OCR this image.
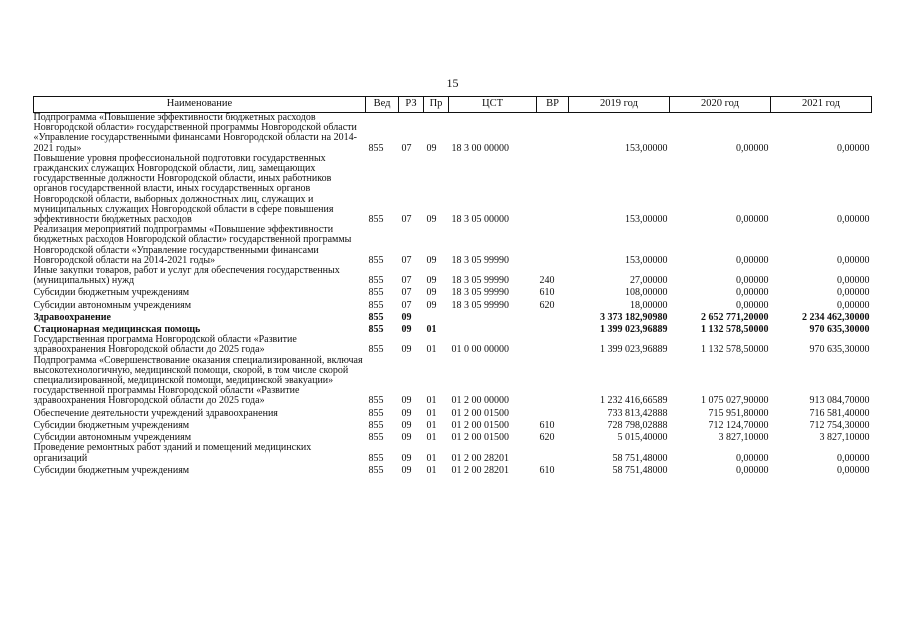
15
Наименование	Вед	РЗ	Пр	ЦСТ	ВР	2019 год	2020 год	2021 год
Подпрограмма «Повышение эффективности бюджетных расходов Новгородской области» государственной программы Новгородской области «Управление государственными финансами Новгородской области на 2014-2021 годы»	855	07	09	18 3 00 00000		153,00000	0,00000	0,00000
Повышение уровня профессиональной подготовки государственных гражданских служащих Новгородской области, лиц, замещающих государственные должности Новгородской области, иных работников органов государственной власти, иных государственных органов Новгородской области, выборных должностных лиц, служащих и муниципальных служащих Новгородской области в сфере повышения эффективности бюджетных расходов	855	07	09	18 3 05 00000		153,00000	0,00000	0,00000
Реализация мероприятий подпрограммы «Повышение эффективности бюджетных расходов Новгородской области» государственной программы Новгородской области «Управление государственными финансами Новгородской области на 2014-2021 годы»	855	07	09	18 3 05 99990		153,00000	0,00000	0,00000
Иные закупки товаров, работ и услуг для обеспечения государственных (муниципальных) нужд	855	07	09	18 3 05 99990	240	27,00000	0,00000	0,00000
Субсидии бюджетным учреждениям	855	07	09	18 3 05 99990	610	108,00000	0,00000	0,00000
Субсидии автономным учреждениям	855	07	09	18 3 05 99990	620	18,00000	0,00000	0,00000
Здравоохранение	855	09				3 373 182,90980	2 652 771,20000	2 234 462,30000
Стационарная медицинская помощь	855	09	01			1 399 023,96889	1 132 578,50000	970 635,30000
Государственная программа Новгородской области «Развитие здравоохранения Новгородской области до 2025 года»	855	09	01	01 0 00 00000		1 399 023,96889	1 132 578,50000	970 635,30000
Подпрограмма «Совершенствование оказания специализированной, включая высокотехнологичную, медицинской помощи, скорой, в том числе скорой специализированной, медицинской помощи, медицинской эвакуации» государственной программы Новгородской области «Развитие здравоохранения Новгородской области до 2025 года»	855	09	01	01 2 00 00000		1 232 416,66589	1 075 027,90000	913 084,70000
Обеспечение деятельности учреждений здравоохранения	855	09	01	01 2 00 01500		733 813,42888	715 951,80000	716 581,40000
Субсидии бюджетным учреждениям	855	09	01	01 2 00 01500	610	728 798,02888	712 124,70000	712 754,30000
Субсидии автономным учреждениям	855	09	01	01 2 00 01500	620	5 015,40000	3 827,10000	3 827,10000
Проведение ремонтных работ зданий и помещений медицинских организаций	855	09	01	01 2 00 28201		58 751,48000	0,00000	0,00000
Субсидии бюджетным учреждениям	855	09	01	01 2 00 28201	610	58 751,48000	0,00000	0,00000
